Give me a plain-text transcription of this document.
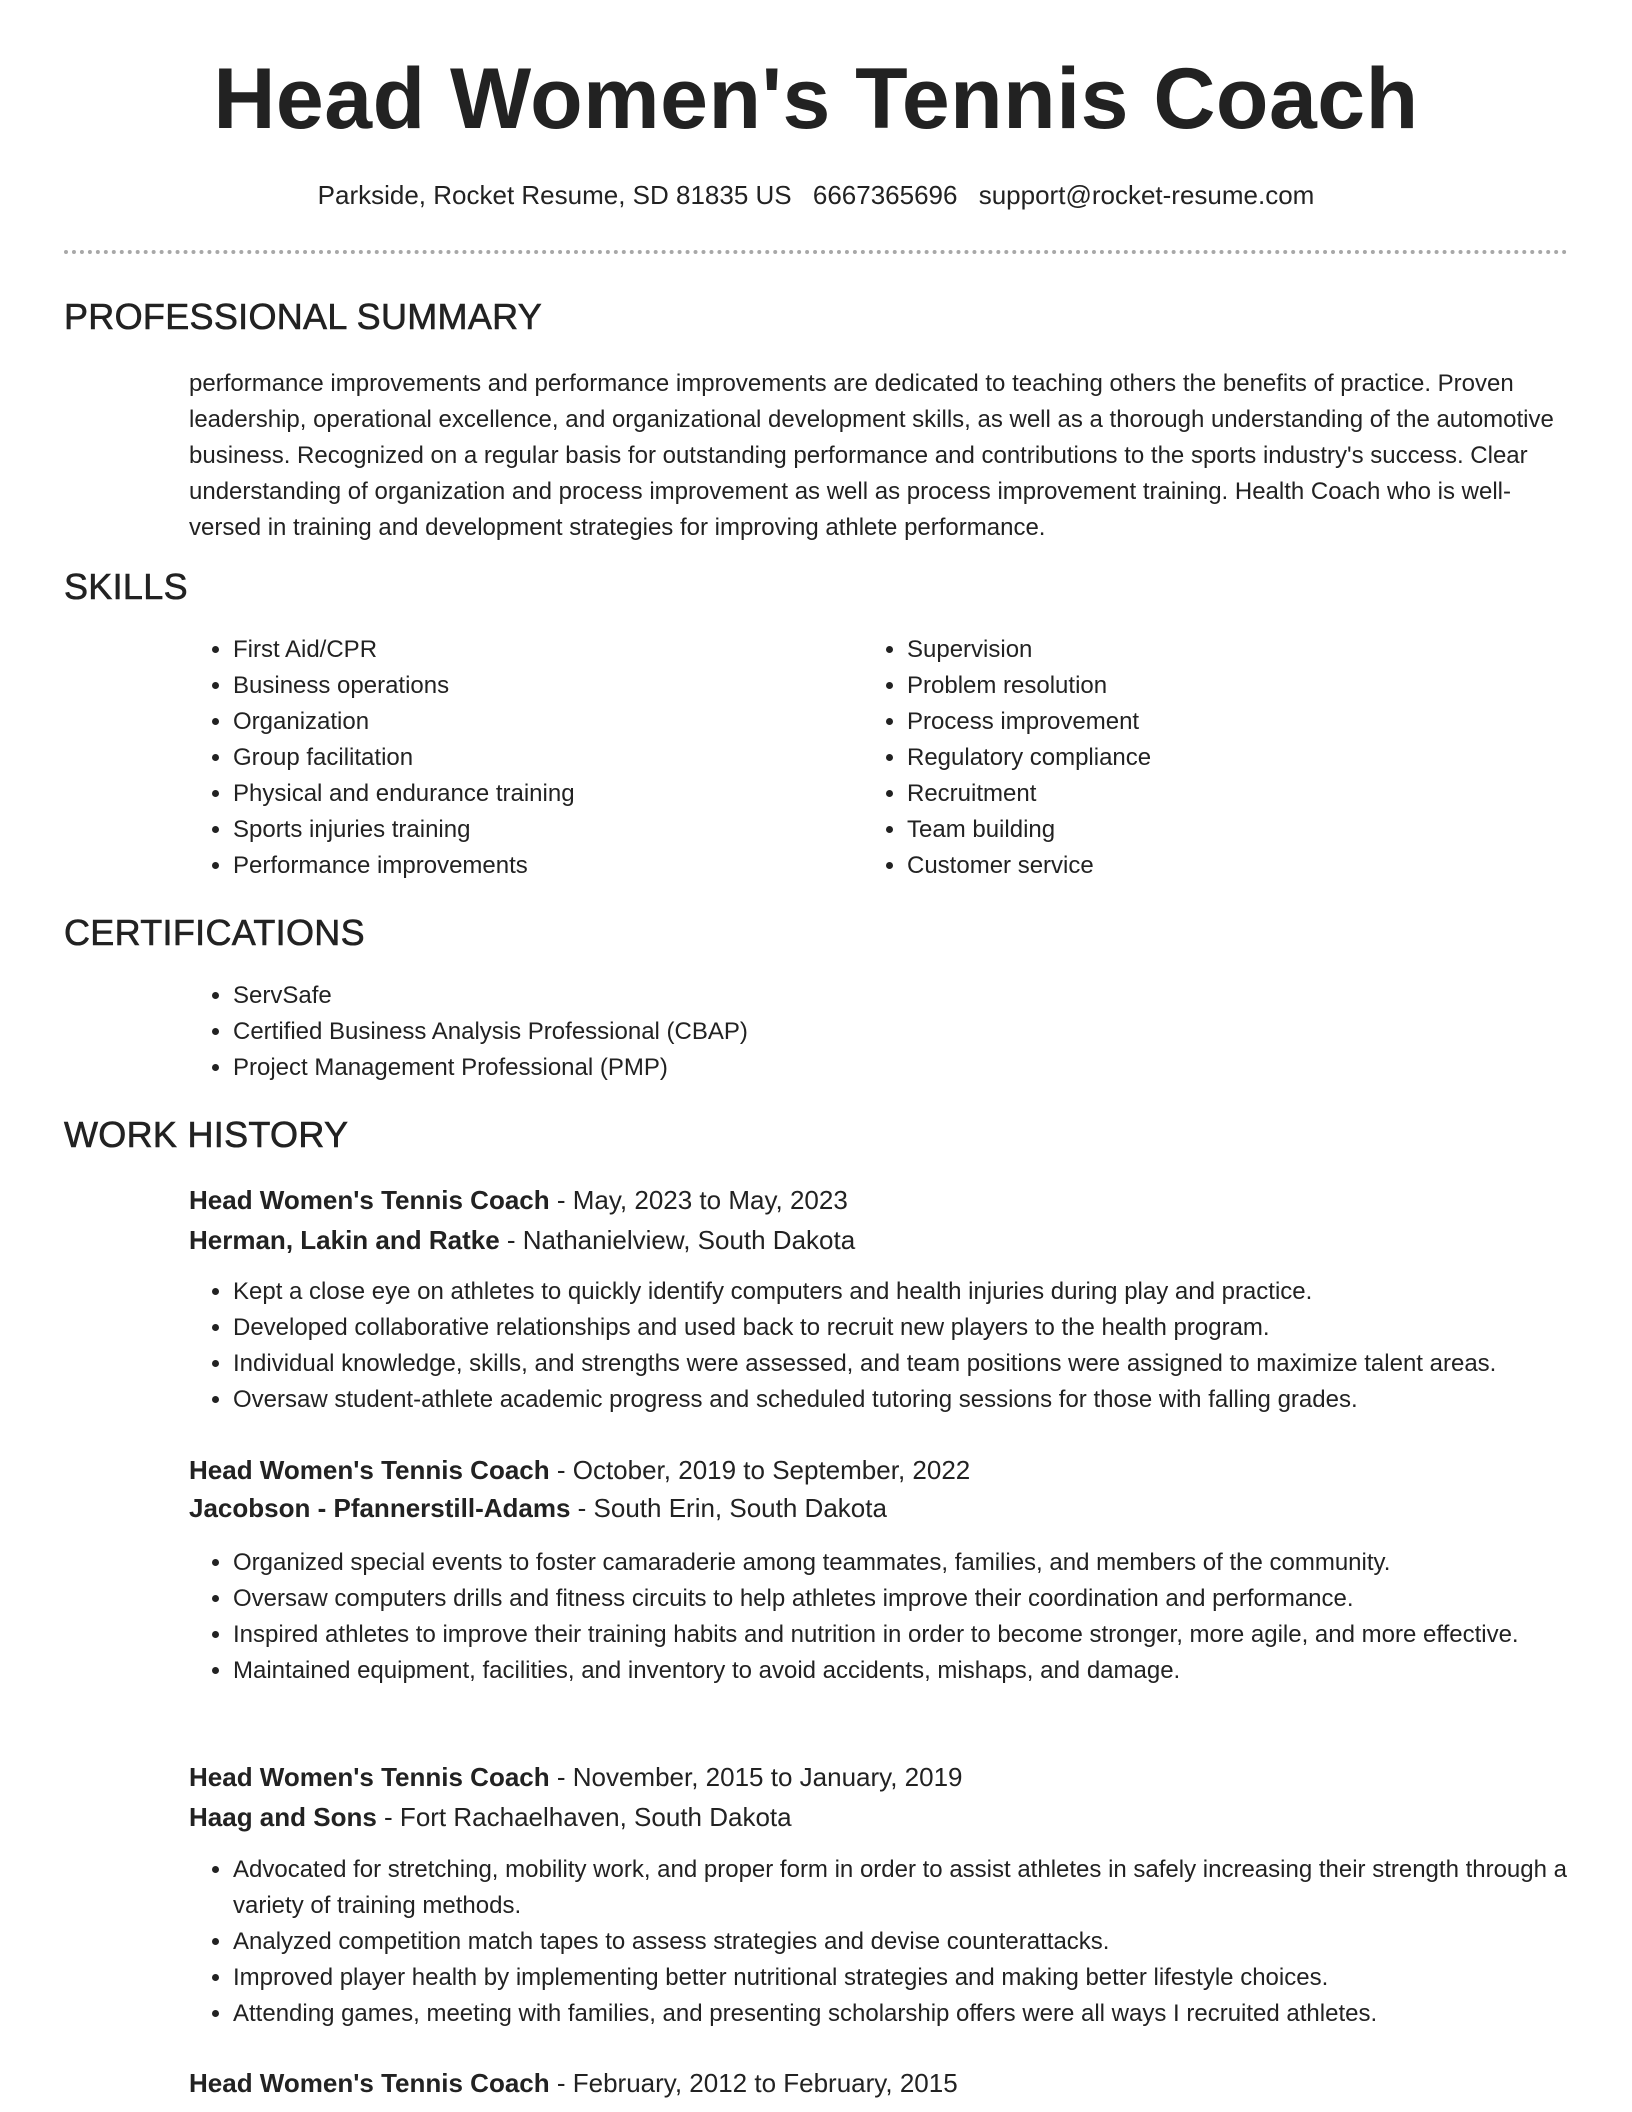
Head Women's Tennis Coach
Parkside, Rocket Resume, SD 81835 US 6667365696 support@rocket-resume.com
PROFESSIONAL SUMMARY
performance improvements and performance improvements are dedicated to teaching others the benefits of practice. Proven leadership, operational excellence, and organizational development skills, as well as a thorough understanding of the automotive business. Recognized on a regular basis for outstanding performance and contributions to the sports industry's success. Clear understanding of organization and process improvement as well as process improvement training. Health Coach who is well-versed in training and development strategies for improving athlete performance.
SKILLS
• First Aid/CPR
• Business operations
• Organization
• Group facilitation
• Physical and endurance training
• Sports injuries training
• Performance improvements
• Supervision
• Problem resolution
• Process improvement
• Regulatory compliance
• Recruitment
• Team building
• Customer service
CERTIFICATIONS
• ServSafe
• Certified Business Analysis Professional (CBAP)
• Project Management Professional (PMP)
WORK HISTORY
Head Women's Tennis Coach - May, 2023 to May, 2023
Herman, Lakin and Ratke - Nathanielview, South Dakota
• Kept a close eye on athletes to quickly identify computers and health injuries during play and practice.
• Developed collaborative relationships and used back to recruit new players to the health program.
• Individual knowledge, skills, and strengths were assessed, and team positions were assigned to maximize talent areas.
• Oversaw student-athlete academic progress and scheduled tutoring sessions for those with falling grades.
Head Women's Tennis Coach - October, 2019 to September, 2022
Jacobson - Pfannerstill-Adams - South Erin, South Dakota
• Organized special events to foster camaraderie among teammates, families, and members of the community.
• Oversaw computers drills and fitness circuits to help athletes improve their coordination and performance.
• Inspired athletes to improve their training habits and nutrition in order to become stronger, more agile, and more effective.
• Maintained equipment, facilities, and inventory to avoid accidents, mishaps, and damage.
Head Women's Tennis Coach - November, 2015 to January, 2019
Haag and Sons - Fort Rachaelhaven, South Dakota
• Advocated for stretching, mobility work, and proper form in order to assist athletes in safely increasing their strength through a variety of training methods.
• Analyzed competition match tapes to assess strategies and devise counterattacks.
• Improved player health by implementing better nutritional strategies and making better lifestyle choices.
• Attending games, meeting with families, and presenting scholarship offers were all ways I recruited athletes.
Head Women's Tennis Coach - February, 2012 to February, 2015
